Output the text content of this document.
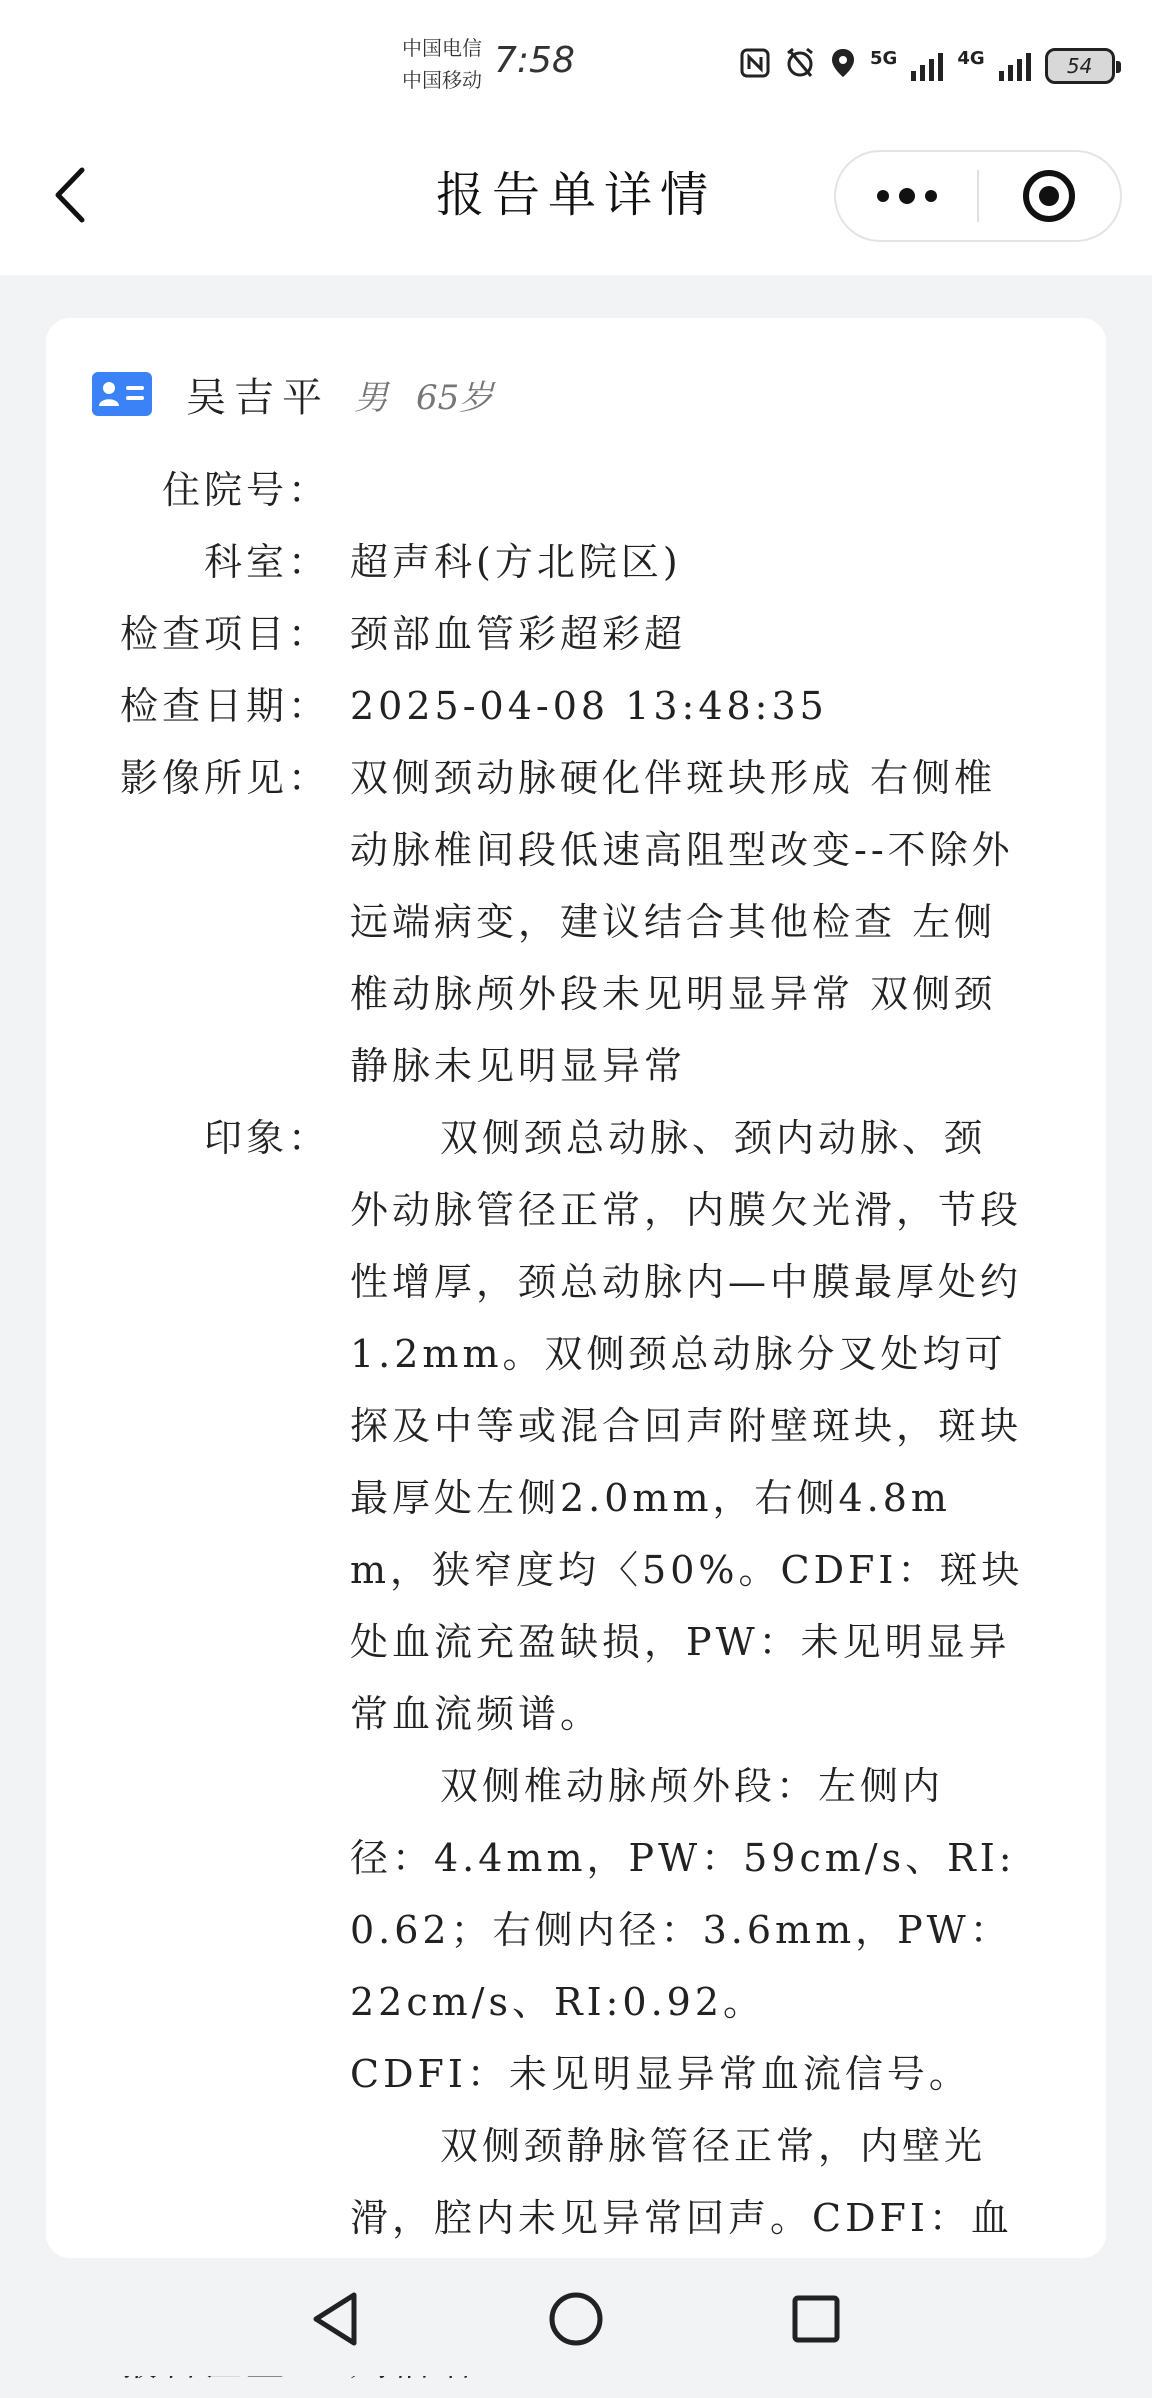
中国电信
中国移动 7:58	5G	4G	54
报告单详情
吴吉平 男 65岁
住院号：
科室： 超声科(方北院区)
检查项目： 颈部血管彩超彩超
检查日期： 2025-04-08 13:48:35
影像所见： 双侧颈动脉硬化伴斑块形成 右侧椎动脉椎间段低速高阻型改变--不除外远端病变，建议结合其他检查 左侧椎动脉颅外段未见明显异常 双侧颈静脉未见明显异常
印象：	双侧颈总动脉、颈内动脉、颈外动脉管径正常，内膜欠光滑，节段性增厚，颈总动脉内—中膜最厚处约1.2mm。双侧颈总动脉分叉处均可探及中等或混合回声附壁斑块，斑块最厚处左侧2.0mm，右侧4.8mm，狭窄度均〈50%。CDFI：斑块处血流充盈缺损，PW：未见明显异常血流频谱。
双侧椎动脉颅外段：左侧内径：4.4mm，PW：59cm/s、RI:0.62；右侧内径：3.6mm，PW：22cm/s、RI:0.92。
CDFI：未见明显异常血流信号。
双侧颈静脉管径正常，内壁光滑，腔内未见异常回声。CDFI：血
